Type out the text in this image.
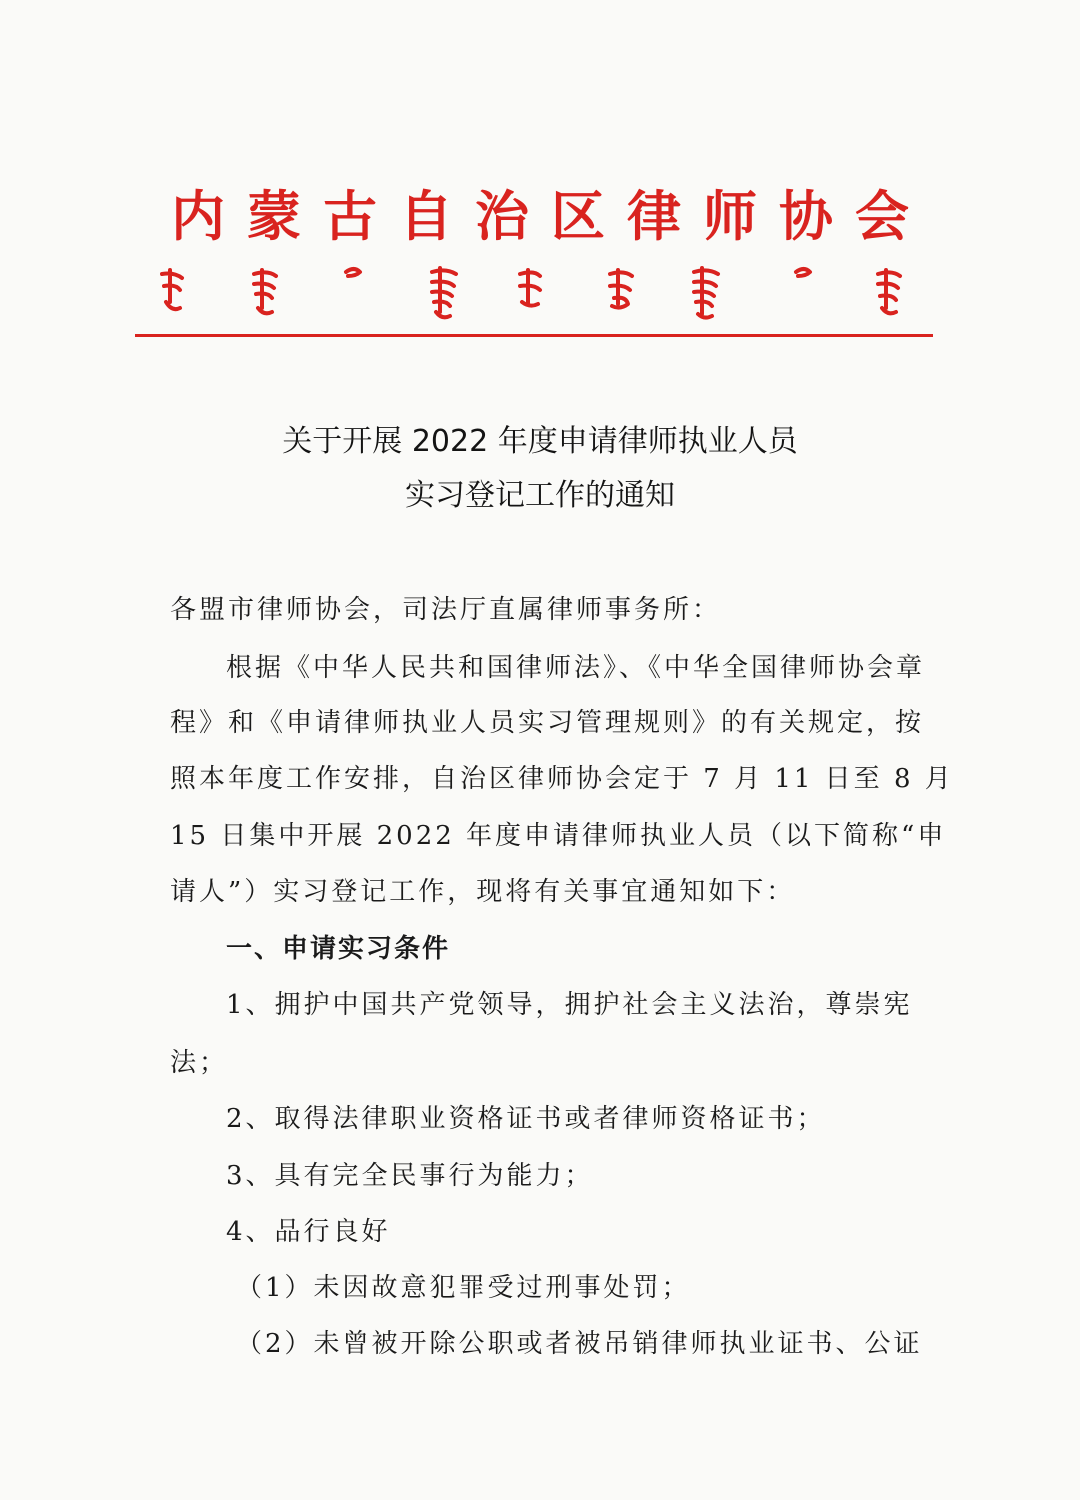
内蒙古自治区律师协会
关于开展 2022 年度申请律师执业人员
实习登记工作的通知
各盟市律师协会，司法厅直属律师事务所：
根据《中华人民共和国律师法》、《中华全国律师协会章
程》和《申请律师执业人员实习管理规则》的有关规定，按
照本年度工作安排，自治区律师协会定于 7 月 11 日至 8 月
15 日集中开展 2022 年度申请律师执业人员（以下简称“申
请人”）实习登记工作，现将有关事宜通知如下：
一、申请实习条件
1、拥护中国共产党领导，拥护社会主义法治，尊崇宪
法；
2、取得法律职业资格证书或者律师资格证书；
3、具有完全民事行为能力；
4、品行良好
（1）未因故意犯罪受过刑事处罚；
（2）未曾被开除公职或者被吊销律师执业证书、公证
